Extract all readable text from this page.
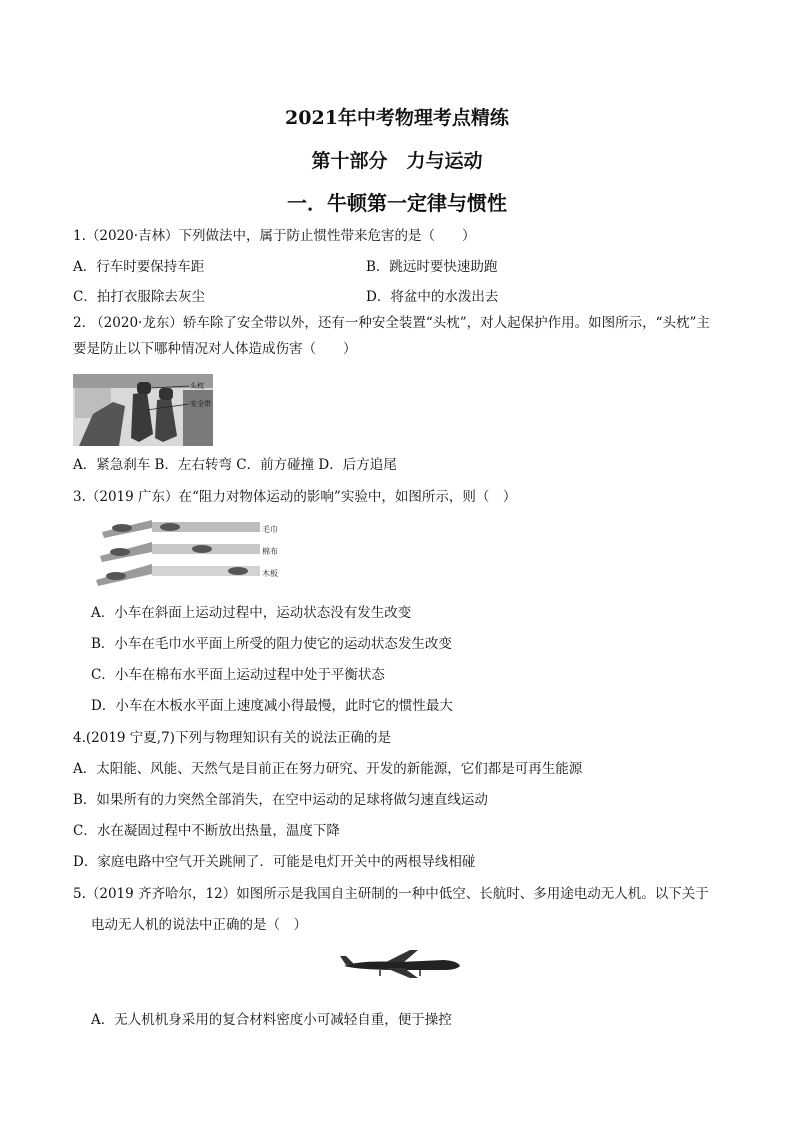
2021年中考物理考点精练
第十部分　力与运动
一．牛顿第一定律与惯性
1.（2020·吉林）下列做法中，属于防止惯性带来危害的是（　　）
A．行车时要保持车距	B．跳远时要快速助跑
C．拍打衣服除去灰尘	D．将盆中的水泼出去
2. （2020·龙东）轿车除了安全带以外，还有一种安全装置“头枕”，对人起保护作用。如图所示，“头枕”主
要是防止以下哪种情况对人体造成伤害（　　）
头枕
安全带
A．紧急刹车 B．左右转弯 C．前方碰撞 D．后方追尾
3.（2019 广东）在“阻力对物体运动的影响”实验中，如图所示，则（　）
毛巾
棉布
木板
A．小车在斜面上运动过程中，运动状态没有发生改变
B．小车在毛巾水平面上所受的阻力使它的运动状态发生改变
C．小车在棉布水平面上运动过程中处于平衡状态
D．小车在木板水平面上速度减小得最慢，此时它的惯性最大
4.(2019 宁夏,7)下列与物理知识有关的说法正确的是
A．太阳能、风能、天然气是目前正在努力研究、开发的新能源，它们都是可再生能源
B．如果所有的力突然全部消失，在空中运动的足球将做匀速直线运动
C．水在凝固过程中不断放出热量，温度下降
D．家庭电路中空气开关跳闸了．可能是电灯开关中的两根导线相碰
5.（2019 齐齐哈尔，12）如图所示是我国自主研制的一种中低空、长航时、多用途电动无人机。以下关于
电动无人机的说法中正确的是（　）
A．无人机机身采用的复合材料密度小可减轻自重，便于操控
